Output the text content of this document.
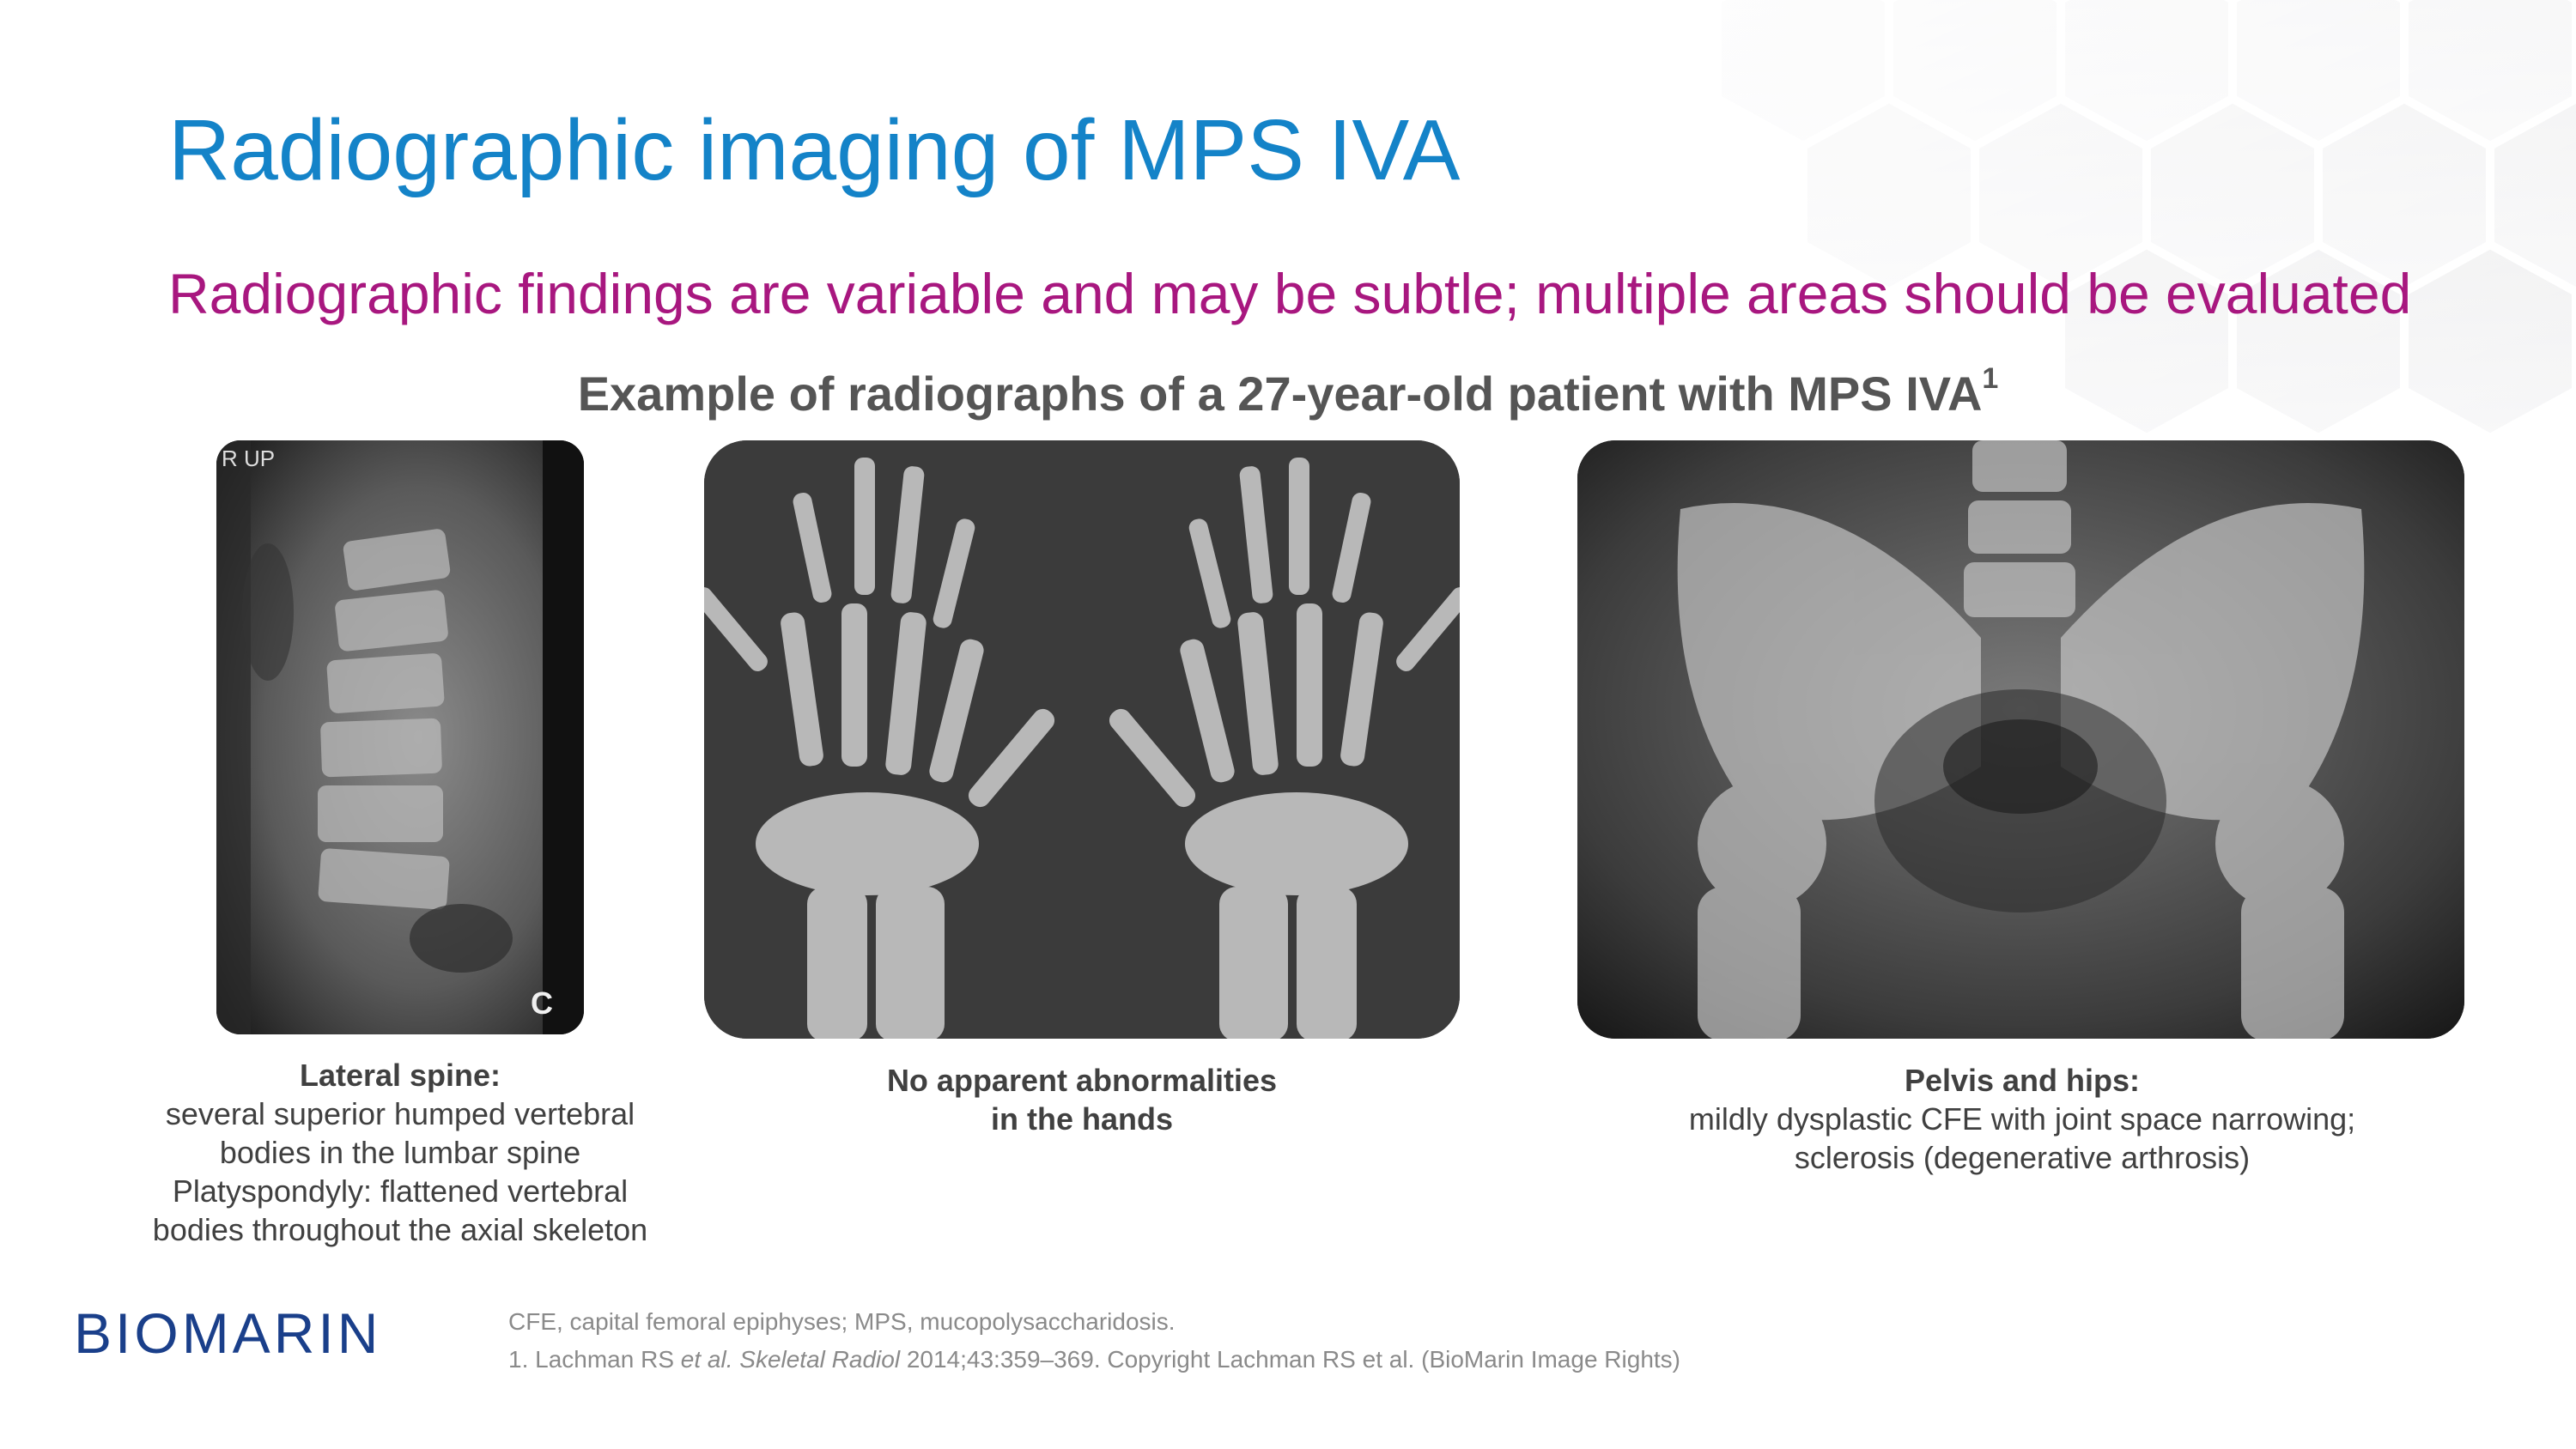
Radiographic imaging of MPS IVA
Radiographic findings are variable and may be subtle; multiple areas should be evaluated
Example of radiographs of a 27-year-old patient with MPS IVA$^1$
R UP
C
Lateral spine:
several superior humped vertebral
bodies in the lumbar spine
Platyspondyly: flattened vertebral
bodies throughout the axial skeleton
No apparent abnormalities
in the hands
Pelvis and hips:
mildly dysplastic CFE with joint space narrowing;
sclerosis (degenerative arthrosis)
BIOMARIN	CFE, capital femoral epiphyses; MPS, mucopolysaccharidosis.
1. Lachman RS et al. Skeletal Radiol 2014;43:359–369. Copyright Lachman RS et al. (BioMarin Image Rights)
